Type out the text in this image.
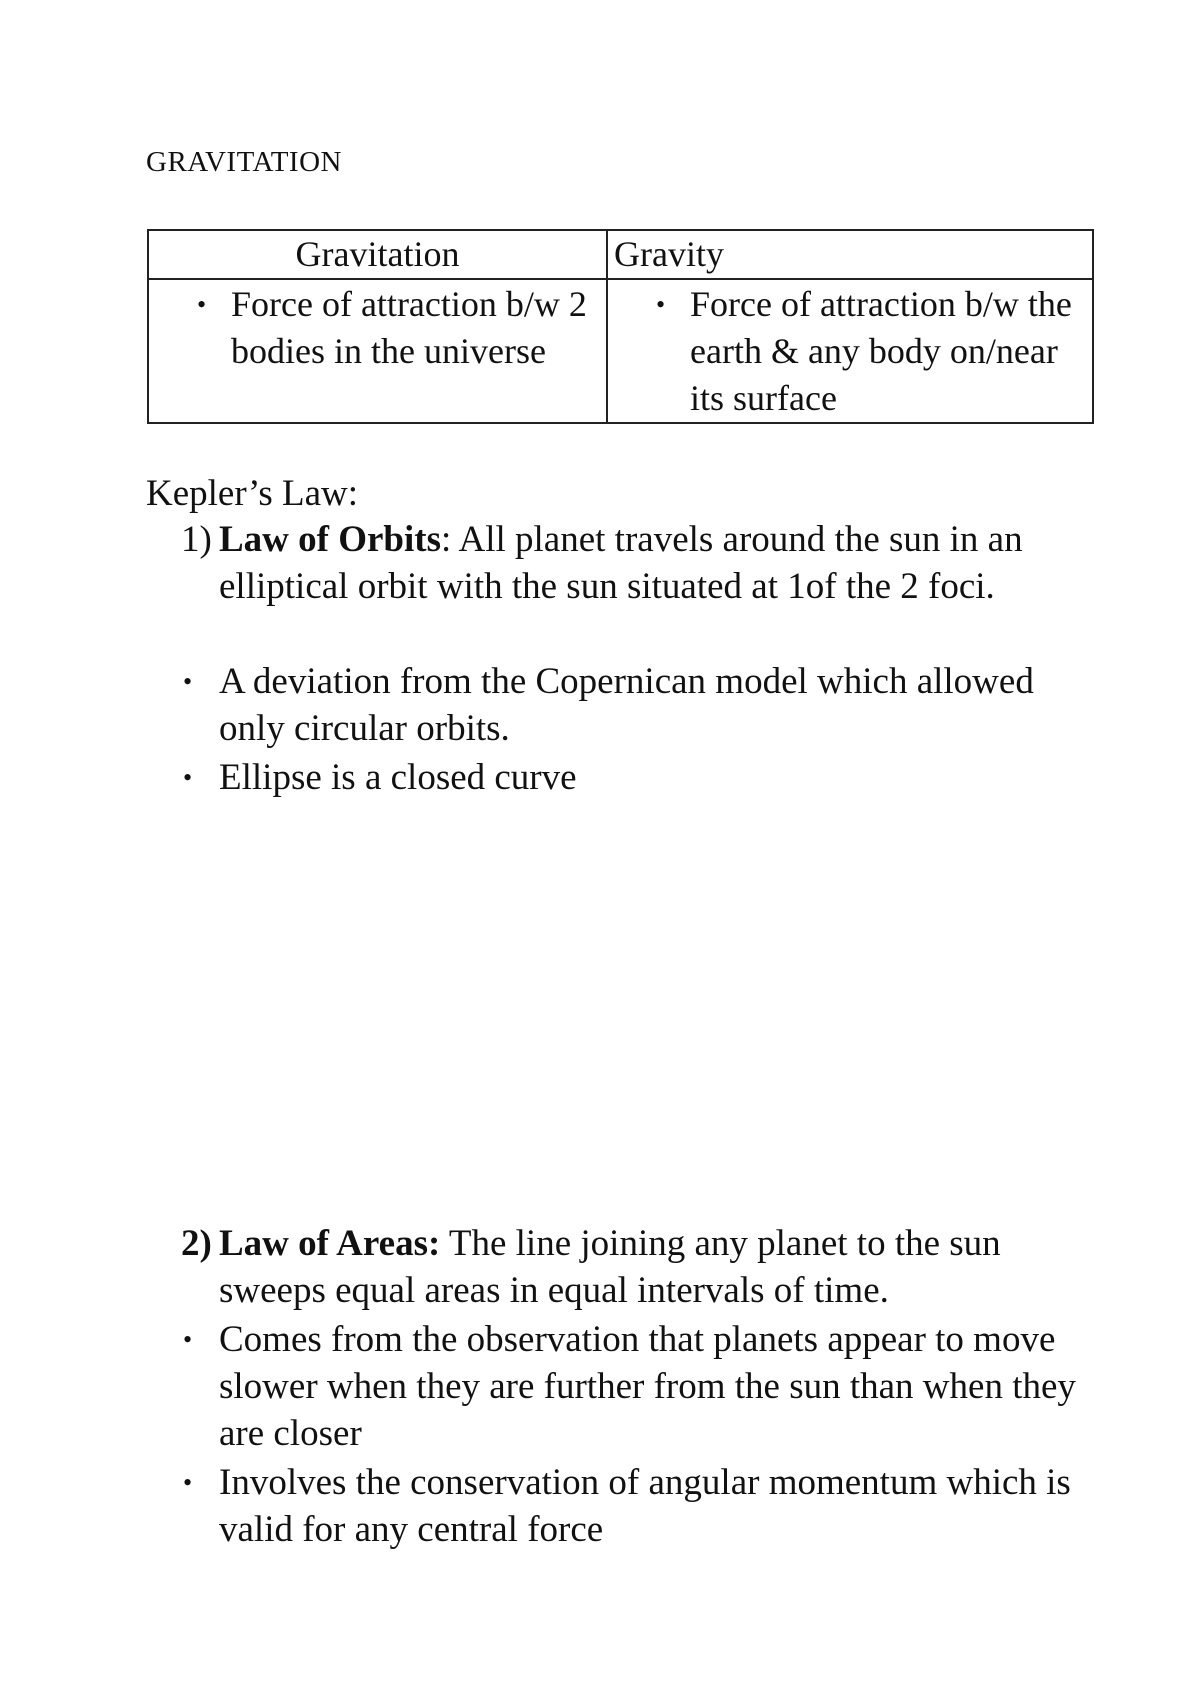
GRAVITATION
Gravitation	Gravity

• Force of attraction b/w 2 bodies in the universe	• Force of attraction b/w the earth & any body on/near its surface
Kepler’s Law:
1) Law of Orbits: All planet travels around the sun in an elliptical orbit with the sun situated at 1of the 2 foci.
• A deviation from the Copernican model which allowed only circular orbits.
• Ellipse is a closed curve
2) Law of Areas: The line joining any planet to the sun sweeps equal areas in equal intervals of time.
• Comes from the observation that planets appear to move slower when they are further from the sun than when they are closer
• Involves the conservation of angular momentum which is valid for any central force
